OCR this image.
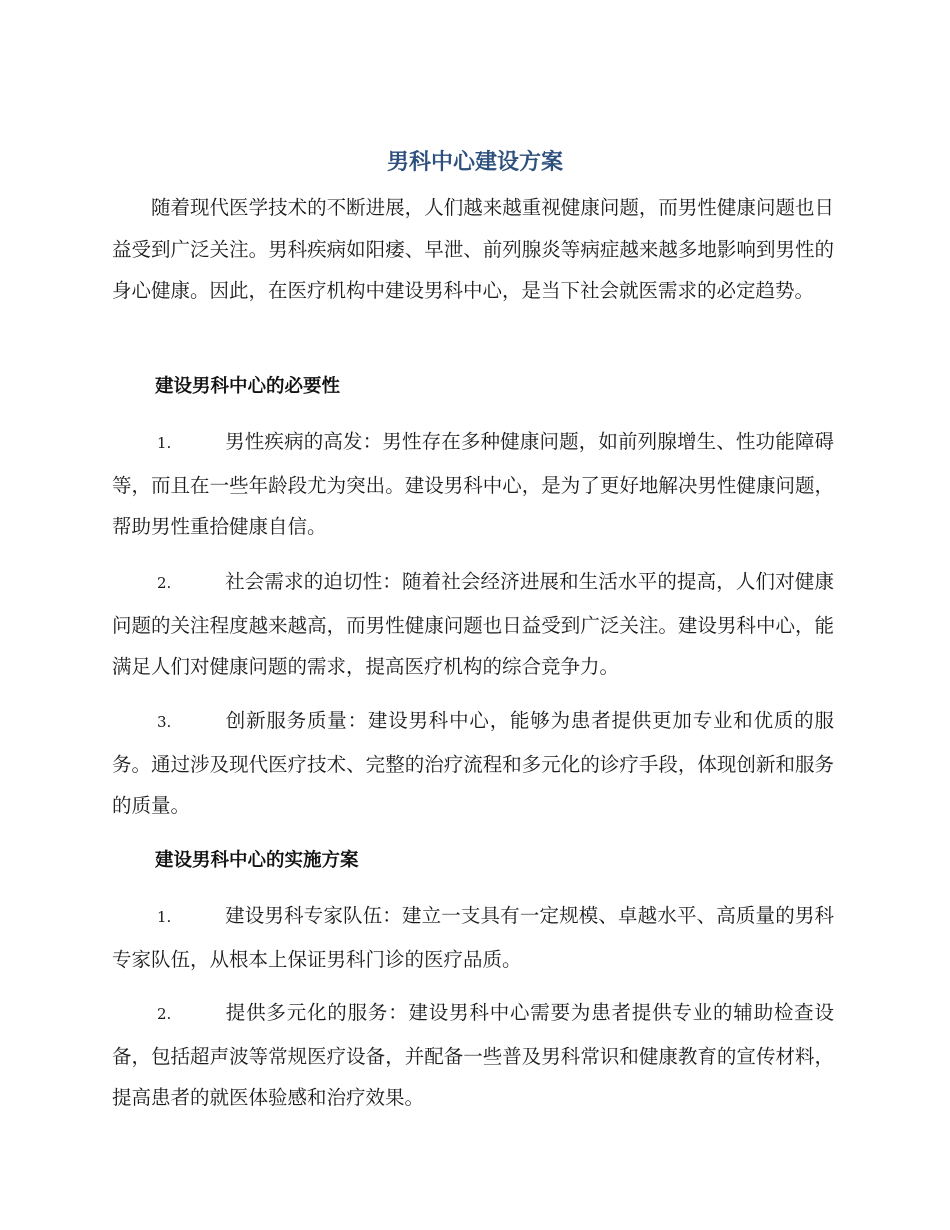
男科中心建设方案

随着现代医学技术的不断进展，人们越来越重视健康问题，而男性健康问题也日益受到广泛关注。男科疾病如阳痿、早泄、前列腺炎等病症越来越多地影响到男性的身心健康。因此，在医疗机构中建设男科中心，是当下社会就医需求的必定趋势。

建设男科中心的必要性

1.	男性疾病的高发：男性存在多种健康问题，如前列腺增生、性功能障碍等，而且在一些年龄段尤为突出。建设男科中心，是为了更好地解决男性健康问题，帮助男性重拾健康自信。

2.	社会需求的迫切性：随着社会经济进展和生活水平的提高，人们对健康问题的关注程度越来越高，而男性健康问题也日益受到广泛关注。建设男科中心，能满足人们对健康问题的需求，提高医疗机构的综合竞争力。

3.	创新服务质量：建设男科中心，能够为患者提供更加专业和优质的服务。通过涉及现代医疗技术、完整的治疗流程和多元化的诊疗手段，体现创新和服务的质量。

建设男科中心的实施方案

1.	建设男科专家队伍：建立一支具有一定规模、卓越水平、高质量的男科专家队伍，从根本上保证男科门诊的医疗品质。

2.	提供多元化的服务：建设男科中心需要为患者提供专业的辅助检查设备，包括超声波等常规医疗设备，并配备一些普及男科常识和健康教育的宣传材料，提高患者的就医体验感和治疗效果。
